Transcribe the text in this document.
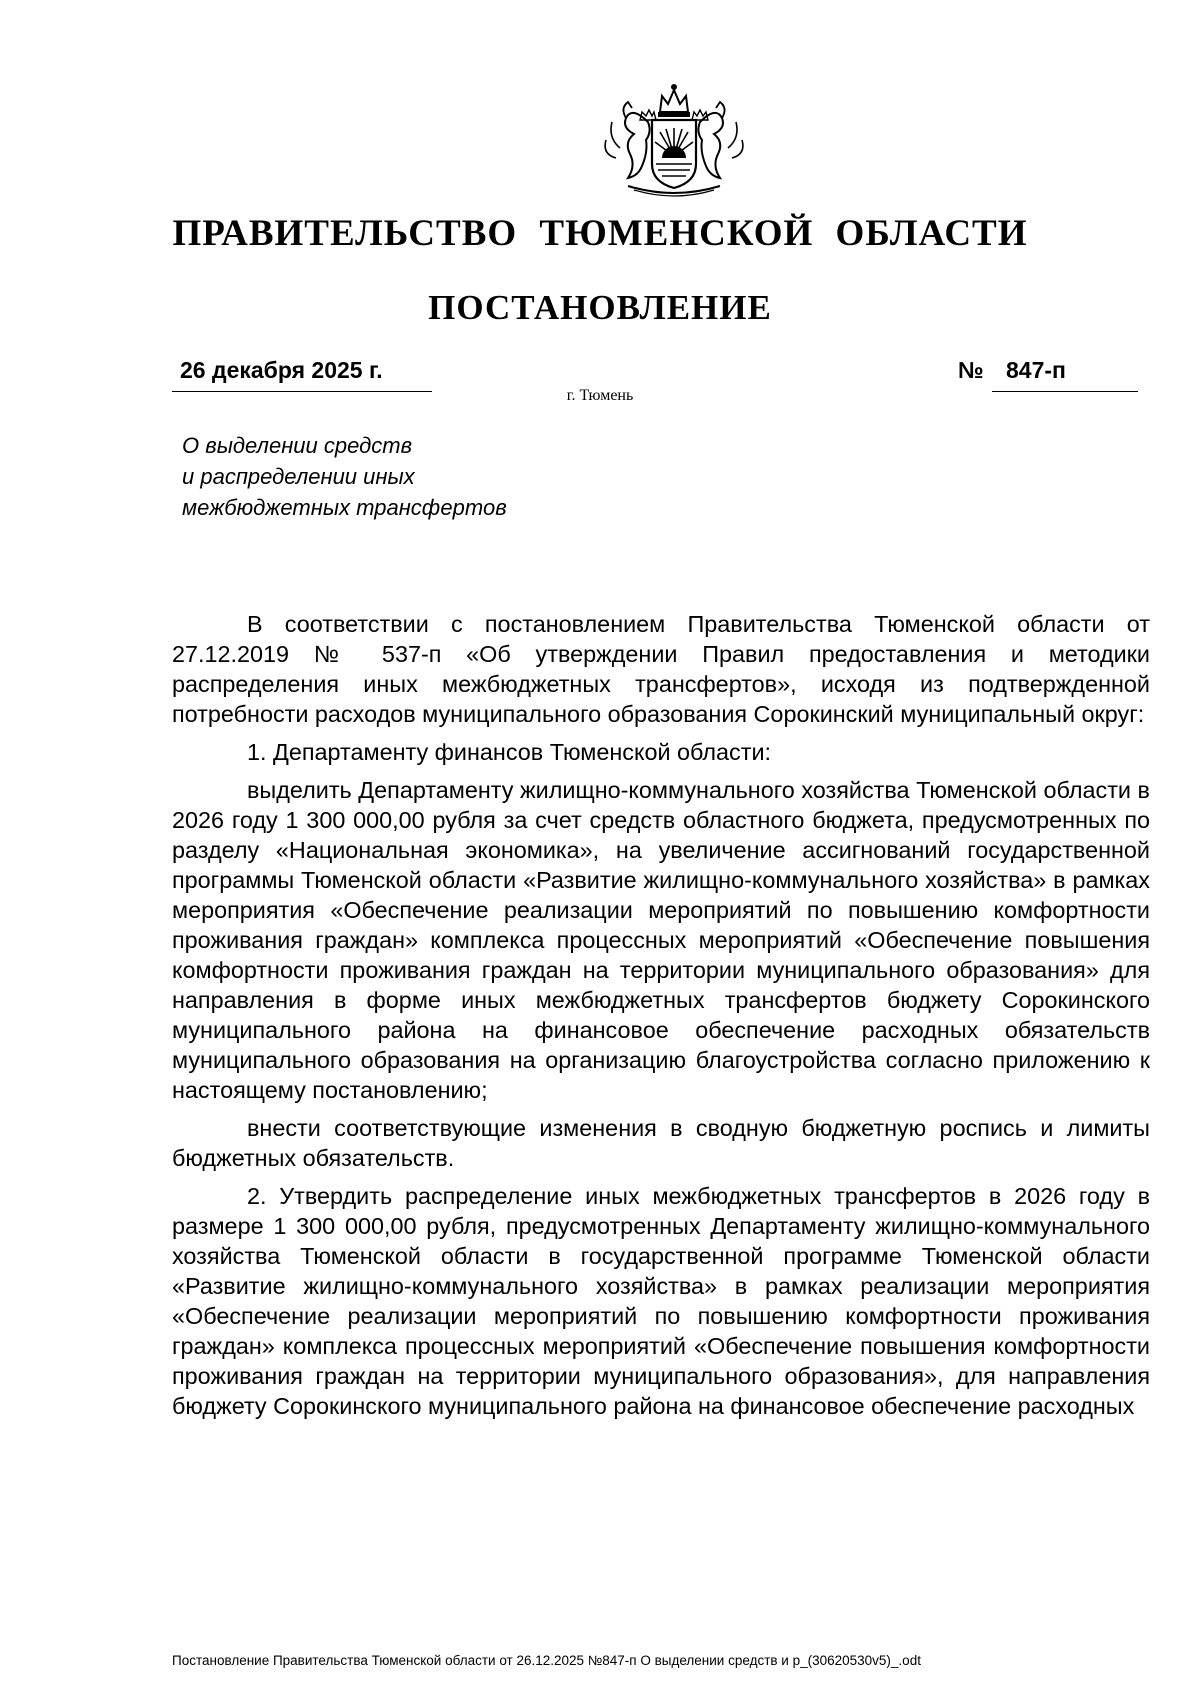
ПРАВИТЕЛЬСТВО ТЮМЕНСКОЙ ОБЛАСТИ
ПОСТАНОВЛЕНИЕ
26 декабря 2025 г.	№ 847-п
г. Тюмень
О выделении средств
и распределении иных
межбюджетных трансфертов

В соответствии с постановлением Правительства Тюменской области от 27.12.2019 № 537-п «Об утверждении Правил предоставления и методики распределения иных межбюджетных трансфертов», исходя из подтвержденной потребности расходов муниципального образования Сорокинский муниципальный округ:

1. Департаменту финансов Тюменской области:

выделить Департаменту жилищно-коммунального хозяйства Тюменской области в 2026 году 1 300 000,00 рубля за счет средств областного бюджета, предусмотренных по разделу «Национальная экономика», на увеличение ассигнований государственной программы Тюменской области «Развитие жилищно-коммунального хозяйства» в рамках мероприятия «Обеспечение реализации мероприятий по повышению комфортности проживания граждан» комплекса процессных мероприятий «Обеспечение повышения комфортности проживания граждан на территории муниципального образования» для направления в форме иных межбюджетных трансфертов бюджету Сорокинского муниципального района на финансовое обеспечение расходных обязательств муниципального образования на организацию благоустройства согласно приложению к настоящему постановлению;

внести соответствующие изменения в сводную бюджетную роспись и лимиты бюджетных обязательств.

2. Утвердить распределение иных межбюджетных трансфертов в 2026 году в размере 1 300 000,00 рубля, предусмотренных Департаменту жилищно-коммунального хозяйства Тюменской области в государственной программе Тюменской области «Развитие жилищно-коммунального хозяйства» в рамках реализации мероприятия «Обеспечение реализации мероприятий по повышению комфортности проживания граждан» комплекса процессных мероприятий «Обеспечение повышения комфортности проживания граждан на территории муниципального образования», для направления бюджету Сорокинского муниципального района на финансовое обеспечение расходных

Постановление Правительства Тюменской области от 26.12.2025 №847-п О выделении средств и р_(30620530v5)_.odt
